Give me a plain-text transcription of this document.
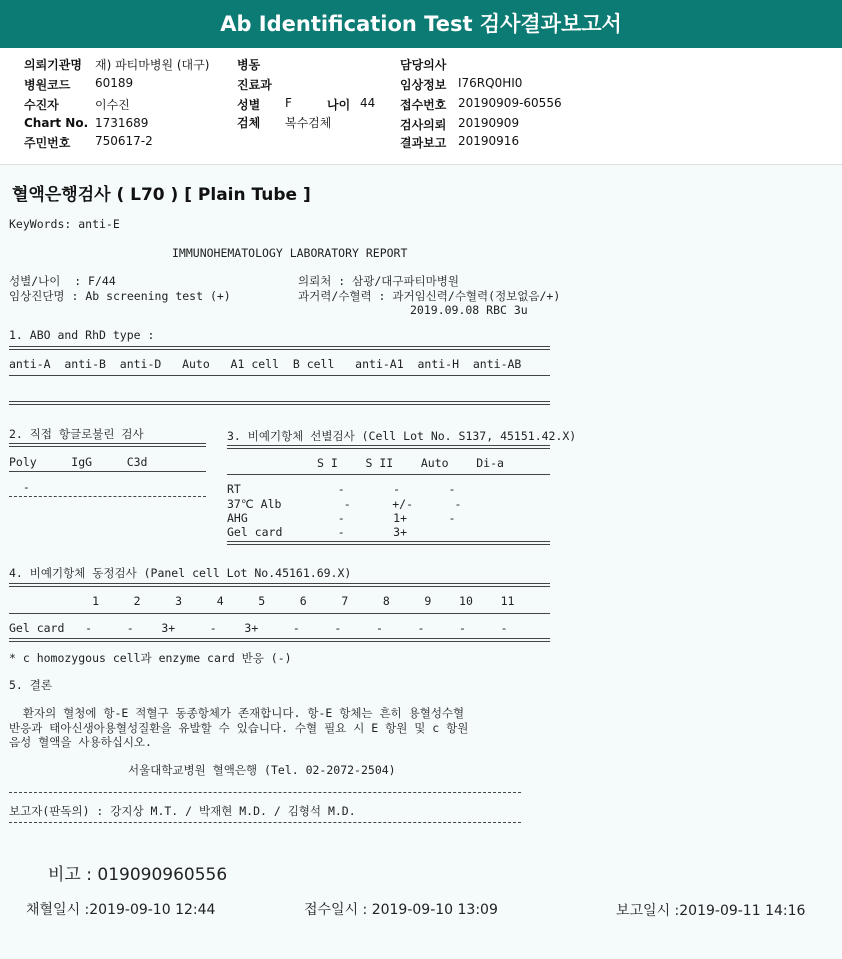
Ab Identification Test 검사결과보고서
의뢰기관명 재) 파티마병원 (대구)
병원코드 60189
수진자	이수진
Chart No. 1731689
주민번호 750617-2
병동
진료과
성별 F	나이 44
검체 복수검체
담당의사
임상정보 I76RQ0HI0
접수번호 20190909-60556
검사의뢰 20190909
결과보고 20190916
혈액은행검사 ( L70 ) [ Plain Tube ]
KeyWords: anti-E
IMMUNOHEMATOLOGY LABORATORY REPORT
성별/나이  : F/44	의뢰처 : 삼광/대구파티마병원
임상진단명 : Ab screening test (+)	과거력/수혈력 : 과거임신력/수혈력(정보없음/+)
2019.09.08 RBC 3u
1. ABO and RhD type :
anti-A  anti-B  anti-D   Auto   A1 cell  B cell   anti-A1  anti-H  anti-AB
2. 직접 항글로불린 검사
Poly     IgG     C3d
-
3. 비예기항체 선별검사 (Cell Lot No. S137, 45151.42.X)
S I    S II    Auto    Di-a
RT              -       -       -
37℃ Alb         -      +/-      -
AHG             -       1+      -
Gel card        -       3+
4. 비예기항체 동정검사 (Panel cell Lot No.45161.69.X)
1     2     3     4     5     6     7     8     9    10    11
Gel card   -     -    3+     -    3+     -     -     -     -     -     -
* c homozygous cell과 enzyme card 반응 (-)
5. 결론
환자의 혈청에 항-E 적혈구 동종항체가 존재합니다. 항-E 항체는 흔히 용혈성수혈
반응과 태아신생아용혈성질환을 유발할 수 있습니다. 수혈 필요 시 E 항원 및 c 항원
음성 혈액을 사용하십시오.
서울대학교병원 혈액은행 (Tel. 02-2072-2504)
보고자(판독의) : 강지상 M.T. / 박재현 M.D. / 김형석 M.D.
비고 : 019090960556
채혈일시 :2019-09-10 12:44	접수일시 : 2019-09-10 13:09	보고일시 :2019-09-11 14:16
